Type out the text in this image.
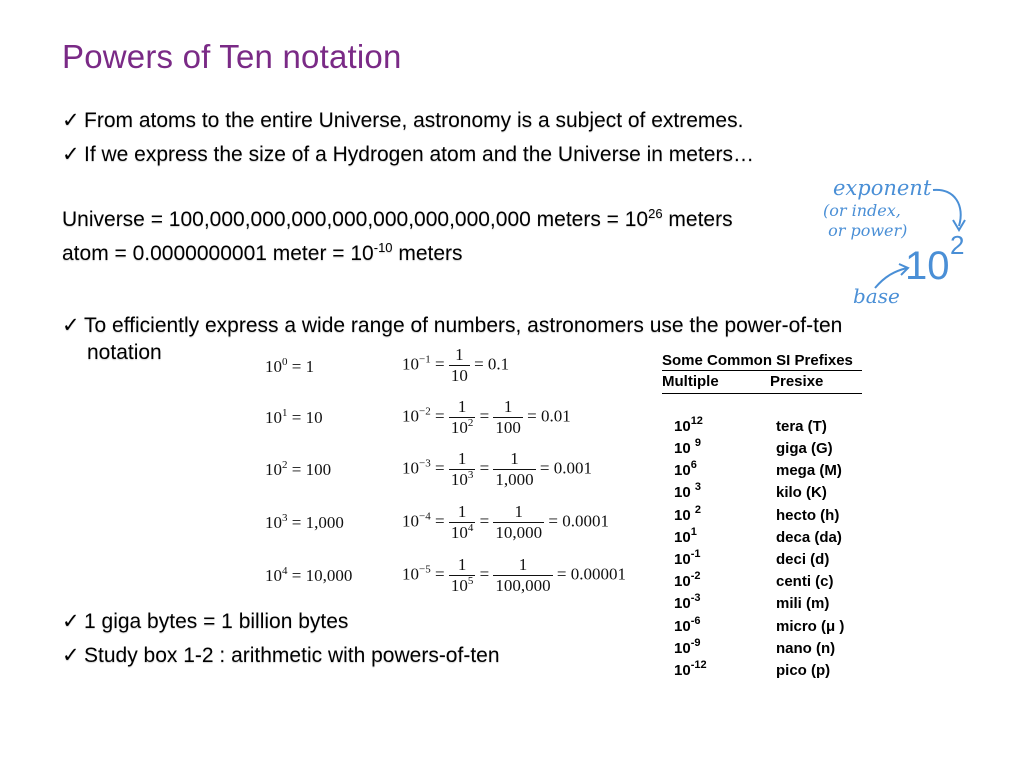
Powers of Ten notation
✓ From atoms to the entire Universe, astronomy is a subject of extremes.
✓ If we express the size of a Hydrogen atom and the Universe in meters…
Universe = 100,000,000,000,000,000,000,000,000 meters = $10^{26}$ meters
atom = 0.0000000001 meter = $10^{-10}$ meters
exponent
(or index,
or power)
10 2
base
✓ To efficiently express a wide range of numbers, astronomers use the power-of-ten
notation
$10^0 = 1$
$10^1 = 10$
$10^2 = 100$
$10^3 = 1,000$
$10^4 = 10,000$
$10^{-1} = \frac{1}{10} = 0.1$
$10^{-2} = \frac{1}{10^2} = \frac{1}{100} = 0.01$
$10^{-3} = \frac{1}{10^3} = \frac{1}{1,000} = 0.001$
$10^{-4} = \frac{1}{10^4} = \frac{1}{10,000} = 0.0001$
$10^{-5} = \frac{1}{10^5} = \frac{1}{100,000} = 0.00001$
✓ 1 giga bytes = 1 billion bytes
✓ Study box 1-2 : arithmetic with powers-of-ten
Some Common SI Prefixes
Multiple	Presixe
$10^{12}$	tera (T)
10 $^9$	giga (G)
$10^6$	mega (M)
10 $^3$	kilo (K)
10 $^2$	hecto (h)
$10^1$	deca (da)
$10^{-1}$	deci (d)
$10^{-2}$	centi (c)
$10^{-3}$	mili (m)
$10^{-6}$	micro (μ )
$10^{-9}$	nano (n)
$10^{-12}$	pico (p)
